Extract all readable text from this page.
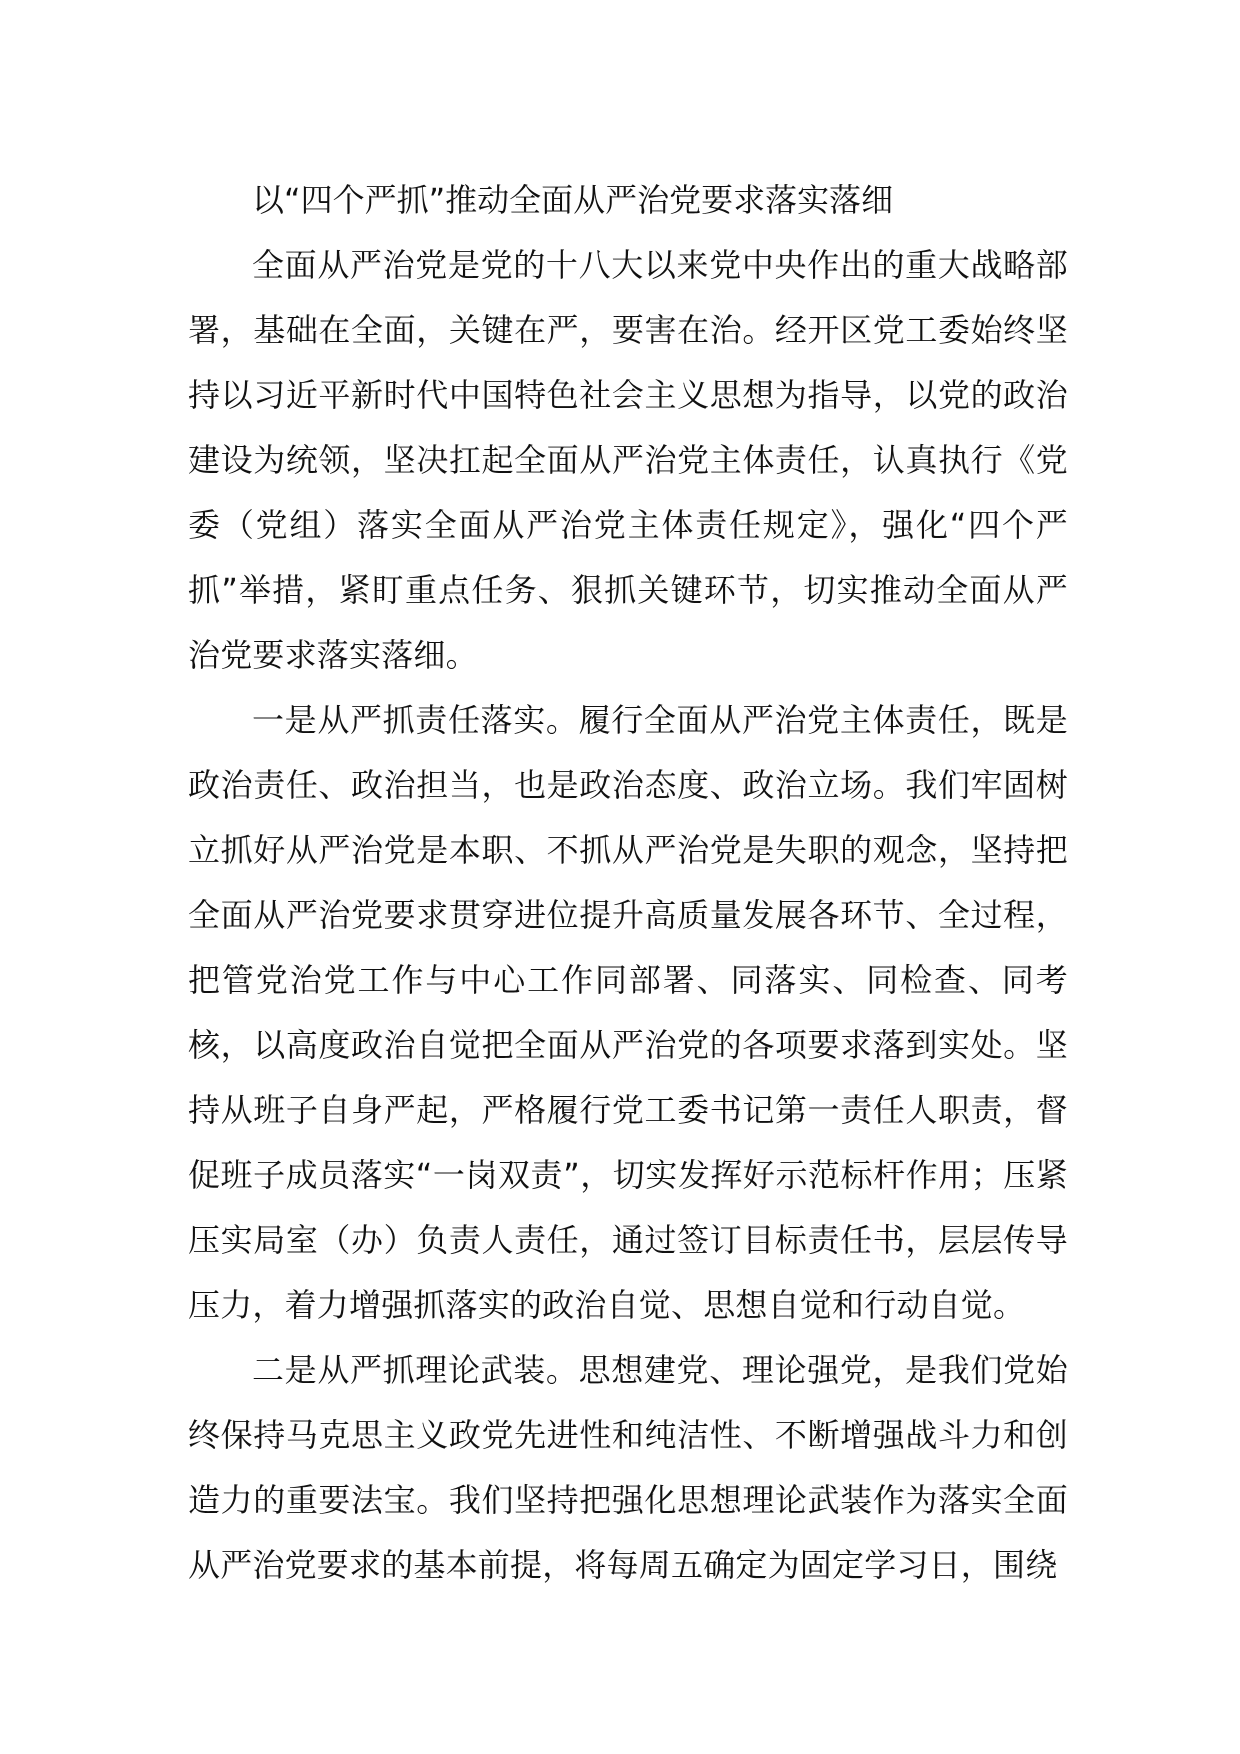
以“四个严抓”推动全面从严治党要求落实落细

全面从严治党是党的十八大以来党中央作出的重大战略部署，基础在全面，关键在严，要害在治。经开区党工委始终坚持以习近平新时代中国特色社会主义思想为指导，以党的政治建设为统领，坚决扛起全面从严治党主体责任，认真执行《党委（党组）落实全面从严治党主体责任规定》，强化“四个严抓”举措，紧盯重点任务、狠抓关键环节，切实推动全面从严治党要求落实落细。

一是从严抓责任落实。履行全面从严治党主体责任，既是政治责任、政治担当，也是政治态度、政治立场。我们牢固树立抓好从严治党是本职、不抓从严治党是失职的观念，坚持把全面从严治党要求贯穿进位提升高质量发展各环节、全过程，把管党治党工作与中心工作同部署、同落实、同检查、同考核，以高度政治自觉把全面从严治党的各项要求落到实处。坚持从班子自身严起，严格履行党工委书记第一责任人职责，督促班子成员落实“一岗双责”，切实发挥好示范标杆作用；压紧压实局室（办）负责人责任，通过签订目标责任书，层层传导压力，着力增强抓落实的政治自觉、思想自觉和行动自觉。

二是从严抓理论武装。思想建党、理论强党，是我们党始终保持马克思主义政党先进性和纯洁性、不断增强战斗力和创造力的重要法宝。我们坚持把强化思想理论武装作为落实全面从严治党要求的基本前提，将每周五确定为固定学习日，围绕
